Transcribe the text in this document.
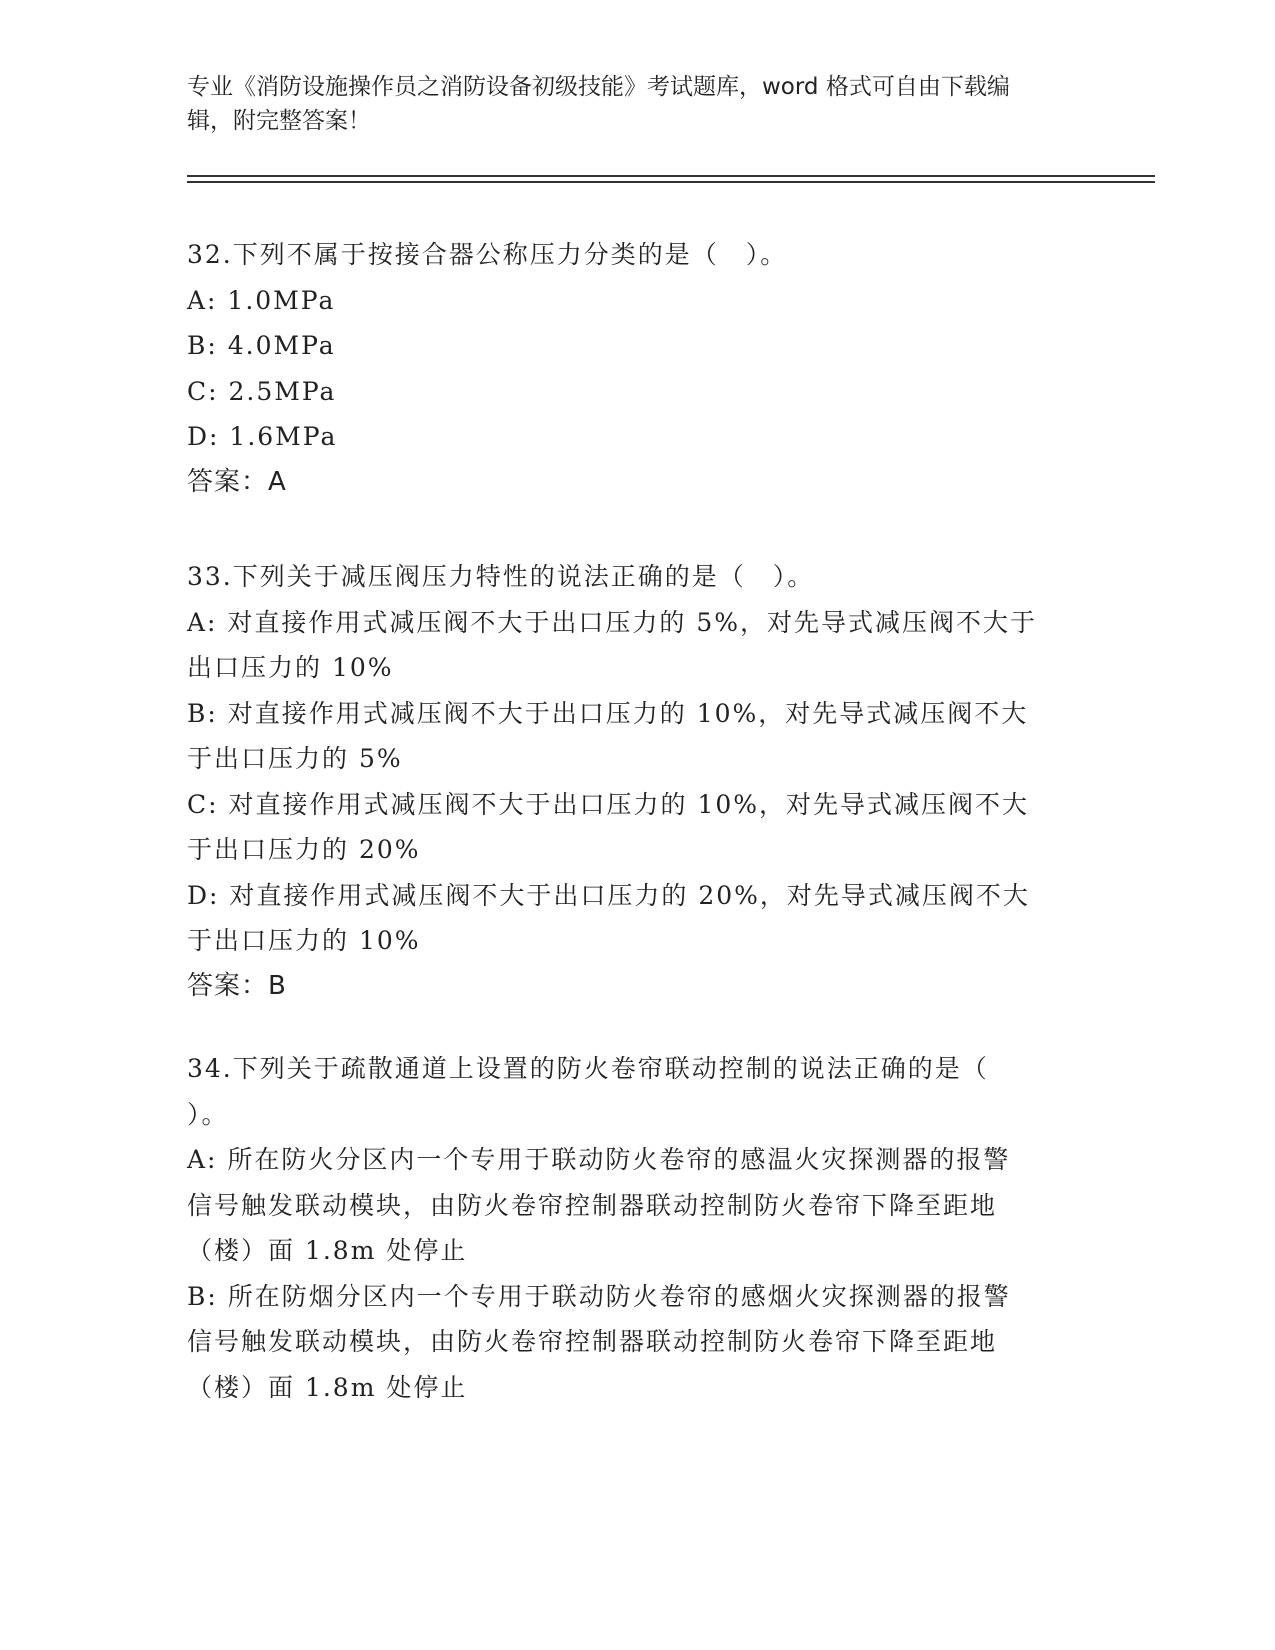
专业《消防设施操作员之消防设备初级技能》考试题库，word 格式可自由下载编
辑，附完整答案！
32.下列不属于按接合器公称压力分类的是（　）。
A: 1.0MPa
B: 4.0MPa
C: 2.5MPa
D: 1.6MPa
答案：A
33.下列关于减压阀压力特性的说法正确的是（　）。
A: 对直接作用式减压阀不大于出口压力的 5%，对先导式减压阀不大于
出口压力的 10%
B: 对直接作用式减压阀不大于出口压力的 10%，对先导式减压阀不大
于出口压力的 5%
C: 对直接作用式减压阀不大于出口压力的 10%，对先导式减压阀不大
于出口压力的 20%
D: 对直接作用式减压阀不大于出口压力的 20%，对先导式减压阀不大
于出口压力的 10%
答案：B
34.下列关于疏散通道上设置的防火卷帘联动控制的说法正确的是（
）。
A: 所在防火分区内一个专用于联动防火卷帘的感温火灾探测器的报警
信号触发联动模块，由防火卷帘控制器联动控制防火卷帘下降至距地
（楼）面 1.8m 处停止
B: 所在防烟分区内一个专用于联动防火卷帘的感烟火灾探测器的报警
信号触发联动模块，由防火卷帘控制器联动控制防火卷帘下降至距地
（楼）面 1.8m 处停止
